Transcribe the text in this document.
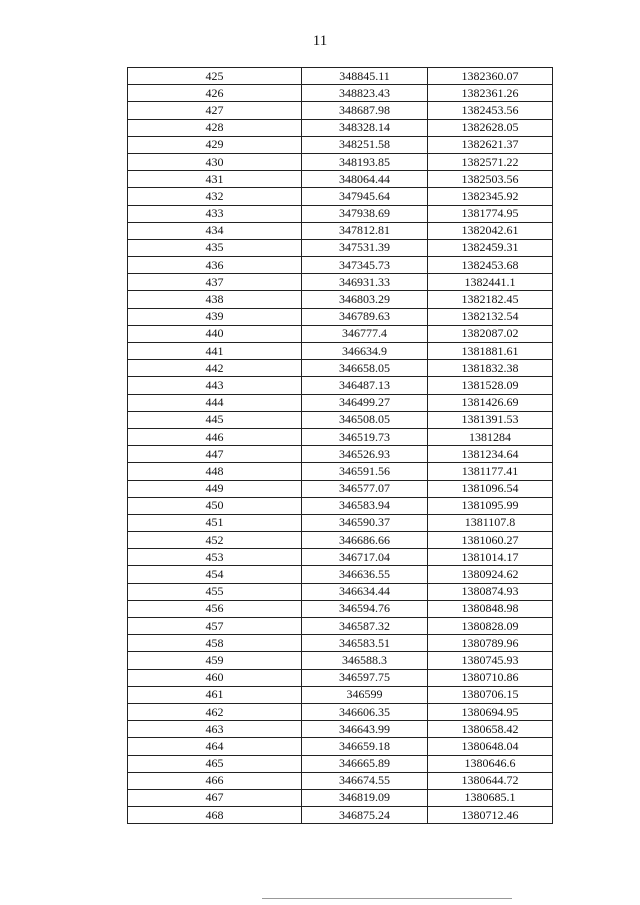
11
425	348845.11	1382360.07
426	348823.43	1382361.26
427	348687.98	1382453.56
428	348328.14	1382628.05
429	348251.58	1382621.37
430	348193.85	1382571.22
431	348064.44	1382503.56
432	347945.64	1382345.92
433	347938.69	1381774.95
434	347812.81	1382042.61
435	347531.39	1382459.31
436	347345.73	1382453.68
437	346931.33	1382441.1
438	346803.29	1382182.45
439	346789.63	1382132.54
440	346777.4	1382087.02
441	346634.9	1381881.61
442	346658.05	1381832.38
443	346487.13	1381528.09
444	346499.27	1381426.69
445	346508.05	1381391.53
446	346519.73	1381284
447	346526.93	1381234.64
448	346591.56	1381177.41
449	346577.07	1381096.54
450	346583.94	1381095.99
451	346590.37	1381107.8
452	346686.66	1381060.27
453	346717.04	1381014.17
454	346636.55	1380924.62
455	346634.44	1380874.93
456	346594.76	1380848.98
457	346587.32	1380828.09
458	346583.51	1380789.96
459	346588.3	1380745.93
460	346597.75	1380710.86
461	346599	1380706.15
462	346606.35	1380694.95
463	346643.99	1380658.42
464	346659.18	1380648.04
465	346665.89	1380646.6
466	346674.55	1380644.72
467	346819.09	1380685.1
468	346875.24	1380712.46
